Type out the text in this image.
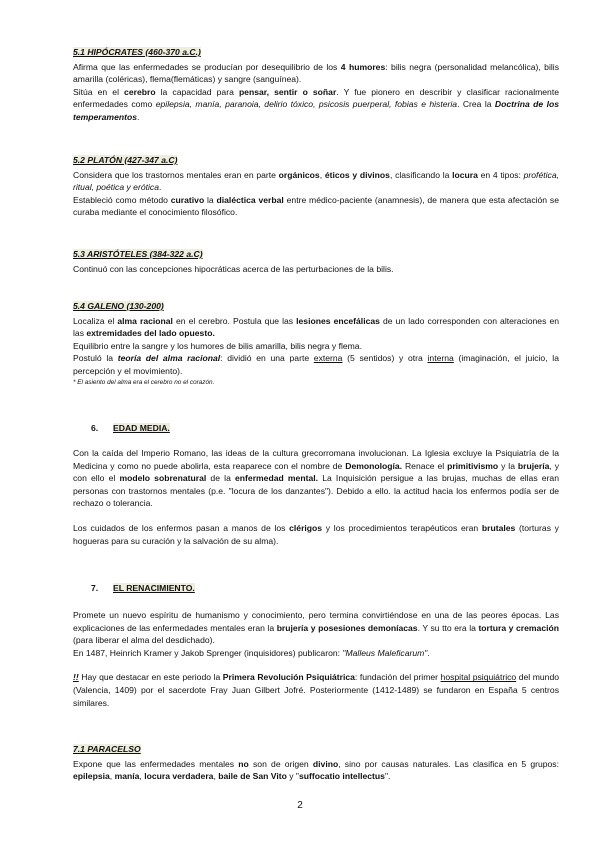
5.1 HIPÓCRATES (460-370 a.C.)

Afirma que las enfermedades se producían por desequilibrio de los 4 humores: bilis negra (personalidad melancólica), bilis amarilla (coléricas), flema(flemáticas) y sangre (sanguínea).

Sitúa en el cerebro la capacidad para pensar, sentir o soñar. Y fue pionero en describir y clasificar racionalmente enfermedades como epilepsia, manía, paranoia, delirio tóxico, psicosis puerperal, fobias e histeria. Crea la Doctrina de los temperamentos.

5.2 PLATÓN (427-347 a.C)

Considera que los trastornos mentales eran en parte orgánicos, éticos y divinos, clasificando la locura en 4 tipos: profética, ritual, poética y erótica.

Estableció como método curativo la dialéctica verbal entre médico-paciente (anamnesis), de manera que esta afectación se curaba mediante el conocimiento filosófico.

5.3 ARISTÓTELES (384-322 a.C)

Continuó con las concepciones hipocráticas acerca de las perturbaciones de la bilis.

5.4 GALENO (130-200)

Localiza el alma racional en el cerebro. Postula que las lesiones encefálicas de un lado corresponden con alteraciones en las extremidades del lado opuesto.

Equilibrio entre la sangre y los humores de bilis amarilla, bilis negra y flema.

Postuló la teoría del alma racional: dividió en una parte externa (5 sentidos) y otra interna (imaginación, el juicio, la percepción y el movimiento).

* El asiento del alma era el cerebro no el corazón.

6. EDAD MEDIA.

Con la caída del Imperio Romano, las ideas de la cultura grecorromana involucionan. La Iglesia excluye la Psiquiatría de la Medicina y como no puede abolirla, esta reaparece con el nombre de Demonología. Renace el primitivismo y la brujería, y con ello el modelo sobrenatural de la enfermedad mental. La Inquisición persigue a las brujas, muchas de ellas eran personas con trastornos mentales (p.e. "locura de los danzantes"). Debido a ello. la actitud hacia los enfermos podía ser de rechazo o tolerancia.

Los cuidados de los enfermos pasan a manos de los clérigos y los procedimientos terapéuticos eran brutales (torturas y hogueras para su curación y la salvación de su alma).

7. EL RENACIMIENTO.

Promete un nuevo espíritu de humanismo y conocimiento, pero termina convirtiéndose en una de las peores épocas. Las explicaciones de las enfermedades mentales eran la brujería y posesiones demoníacas. Y su tto era la tortura y cremación (para liberar el alma del desdichado).

En 1487, Heinrich Kramer y Jakob Sprenger (inquisidores) publicaron: "Malleus Maleficarum".

!! Hay que destacar en este periodo la Primera Revolución Psiquiátrica: fundación del primer hospital psiquiátrico del mundo (Valencia, 1409) por el sacerdote Fray Juan Gilbert Jofré. Posteriormente (1412-1489) se fundaron en España 5 centros similares.

7.1 PARACELSO

Expone que las enfermedades mentales no son de origen divino, sino por causas naturales. Las clasifica en 5 grupos: epilepsia, manía, locura verdadera, baile de San Vito y "suffocatio intellectus".

2
